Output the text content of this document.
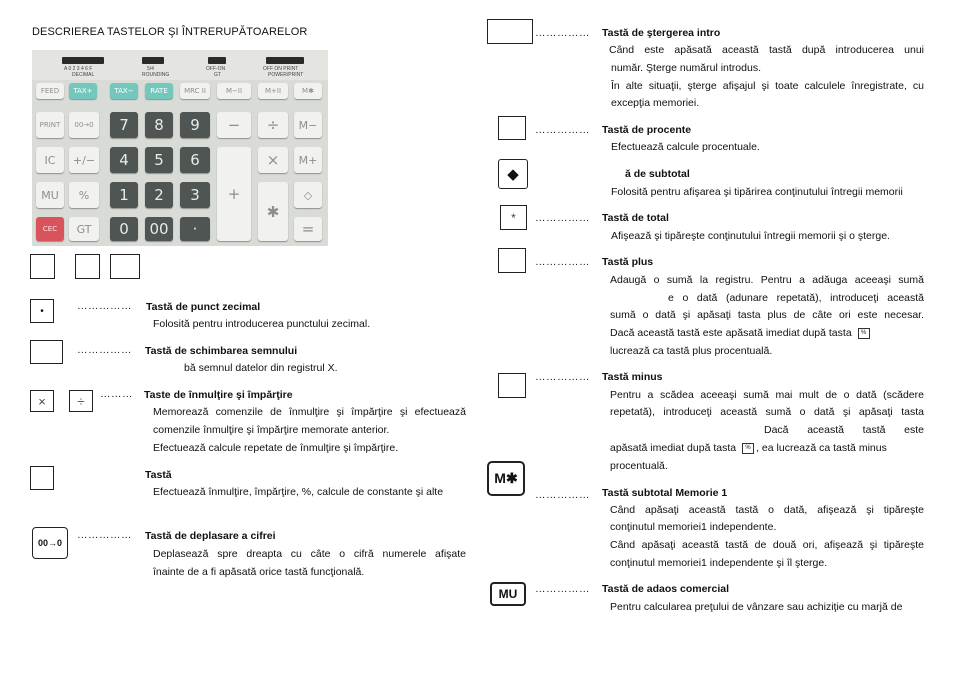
DESCRIEREA TASTELOR ŞI ÎNTRERUPĂTOARELOR
A 0 2 3 4 6 F
DECIMAL
5/4
ROUNDING
OFF-ON
GT
OFF ON PRINT
POWER/PRINT
FEED	TAX+	TAX−	RATE	MRC II	M−II	M+II	M✱
PRINT	00→0	7	8	9	−	÷	M−
IC	+/−	4	5	6
+
×	M+
MU	%	1	2	3
✱
◇
CEC	GT	0	00	·	=
•	…………… Tastă de punct zecimal
Folosită pentru introducerea punctului zecimal.
…………… Tastă de schimbarea semnului
bă semnul datelor din registrul X.
×	÷	……… Taste de înmulţire şi împărţire
Memorează comenzile de înmulţire şi împărţire şi efectuează
comenzile înmulţire şi împărţire memorate anterior.
Efectuează calcule repetate de înmulţire şi împărţire.
Tastă
Efectuează înmulţire, împărţire, %, calcule de constante şi alte
00→0
…………… Tastă de deplasare a cifrei
Deplasează spre dreapta cu câte o cifră numerele afişate
înainte de a fi apăsată orice tastă funcţională.
…………… Tastă de ştergerea intro
Când este apăsată această tastă după introducerea unui
număr. Şterge numărul introdus.
În alte situaţii, şterge afişajul şi toate calculele înregistrate, cu
excepţia memoriei.
…………… Tastă de procente
Efectuează calcule procentuale.
◆	ă de subtotal
Folosită pentru afişarea şi tipărirea conţinutului întregii memorii
*	…………… Tastă de total
Afişează şi tipăreşte conţinutului întregii memorii şi o şterge.
…………… Tastă plus
Adaugă o sumă la registru. Pentru a adăuga aceeaşi sumă
e o dată (adunare repetată), introduceţi această
sumă o dată şi apăsaţi tasta plus de câte ori este necesar.
Dacă această tastă este apăsată imediat după tasta %
lucrează ca tastă plus procentuală.
…………… Tastă minus
Pentru a scădea aceeaşi sumă mai mult de o dată (scădere
repetată), introduceţi această sumă o dată şi apăsaţi tasta
Dacă această tastă este
apăsată imediat după tasta % , ea lucrează ca tastă minus
procentuală.
M✱
…………… Tastă subtotal Memorie 1
Când apăsaţi această tastă o dată, afişează şi tipăreşte
conţinutul memoriei1 independente.
Când apăsaţi această tastă de două ori, afişează şi tipăreşte
conţinutul memoriei1 independente şi îl şterge.
MU	…………… Tastă de adaos comercial
Pentru calcularea preţului de vânzare sau achiziţie cu marjă de
